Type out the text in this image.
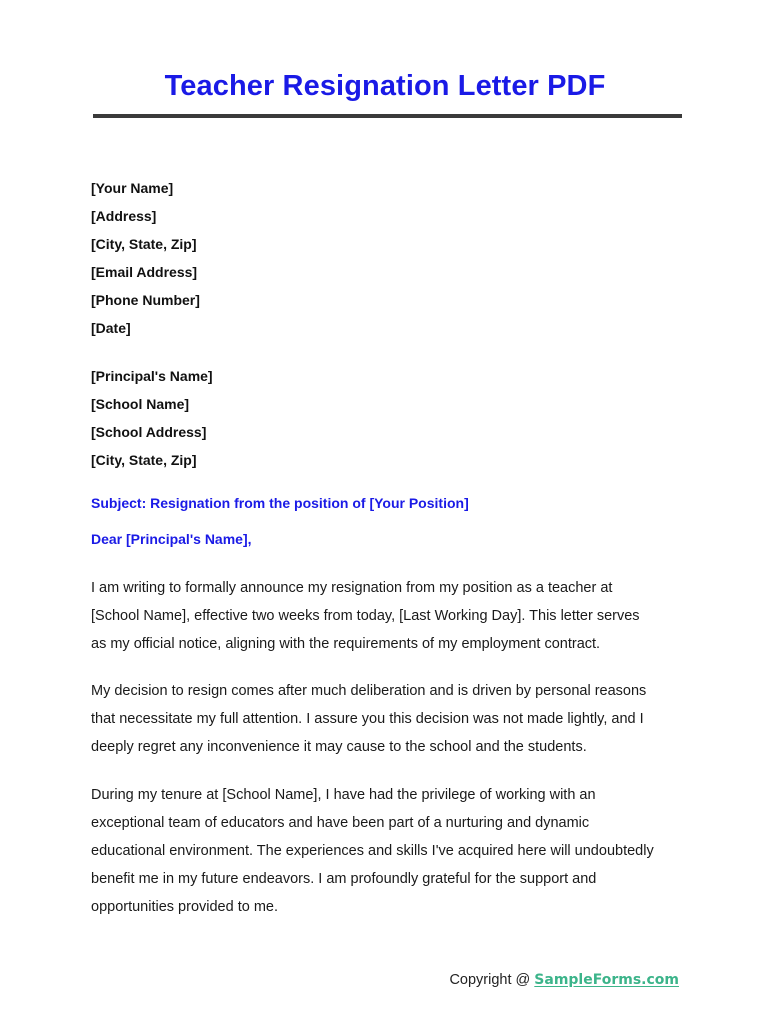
Teacher Resignation Letter PDF
[Your Name]
[Address]
[City, State, Zip]
[Email Address]
[Phone Number]
[Date]
[Principal's Name]
[School Name]
[School Address]
[City, State, Zip]
Subject: Resignation from the position of [Your Position]
Dear [Principal's Name],

I am writing to formally announce my resignation from my position as a teacher at
[School Name], effective two weeks from today, [Last Working Day]. This letter serves
as my official notice, aligning with the requirements of my employment contract.

My decision to resign comes after much deliberation and is driven by personal reasons
that necessitate my full attention. I assure you this decision was not made lightly, and I
deeply regret any inconvenience it may cause to the school and the students.

During my tenure at [School Name], I have had the privilege of working with an
exceptional team of educators and have been part of a nurturing and dynamic
educational environment. The experiences and skills I've acquired here will undoubtedly
benefit me in my future endeavors. I am profoundly grateful for the support and
opportunities provided to me.

Copyright @ SampleForms.com
